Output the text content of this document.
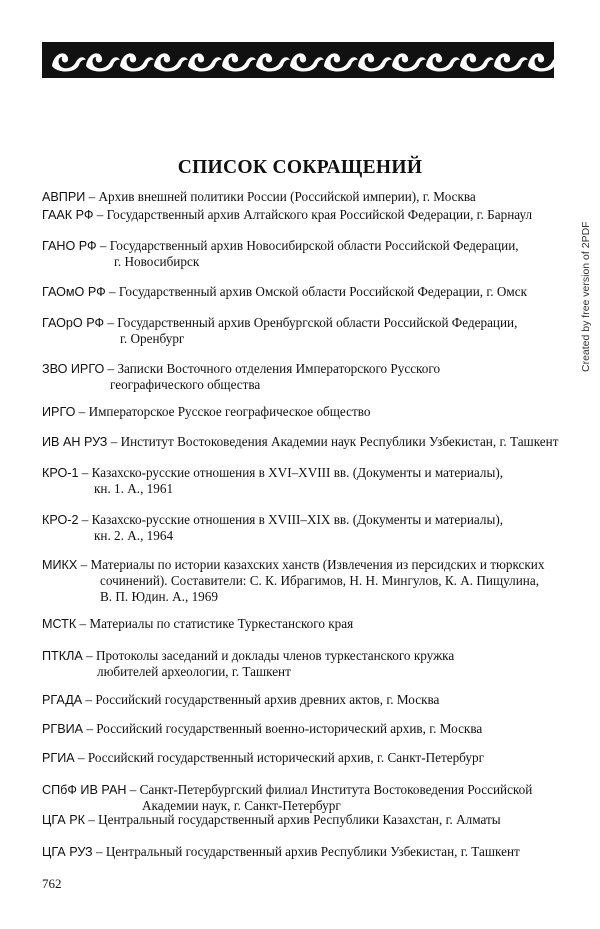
СПИСОК СОКРАЩЕНИЙ
АВПРИ – Архив внешней политики России (Российской империи), г. Москва
ГААК РФ – Государственный архив Алтайского края Российской Федерации, г. Барнаул
ГАНО РФ – Государственный архив Новосибирской области Российской Федерации,
г. Новосибирск
ГАОмО РФ – Государственный архив Омской области Российской Федерации, г. Омск
ГАОрО РФ – Государственный архив Оренбургской области Российской Федерации,
г. Оренбург
ЗВО ИРГО – Записки Восточного отделения Императорского Русского
географического общества
ИРГО – Императорское Русское географическое общество
ИВ АН РУЗ – Институт Востоковедения Академии наук Республики Узбекистан, г. Ташкент
КРО-1 – Казахско-русские отношения в XVI–XVIII вв. (Документы и материалы),
кн. 1. А., 1961
КРО-2 – Казахско-русские отношения в XVIII–XIX вв. (Документы и материалы),
кн. 2. А., 1964
МИКХ – Материалы по истории казахских ханств (Извлечения из персидских и тюркских
сочинений). Составители: С. К. Ибрагимов, Н. Н. Мингулов, К. А. Пищулина,
В. П. Юдин. А., 1969
МСТК – Материалы по статистике Туркестанского края
ПТКЛА – Протоколы заседаний и доклады членов туркестанского кружка
любителей археологии, г. Ташкент
РГАДА – Российский государственный архив древних актов, г. Москва
РГВИА – Российский государственный военно-исторический архив, г. Москва
РГИА – Российский государственный исторический архив, г. Санкт-Петербург
СПбФ ИВ РАН – Санкт-Петербургский филиал Института Востоковедения Российской
Академии наук, г. Санкт-Петербург
ЦГА РК – Центральный государственный архив Республики Казахстан, г. Алматы
ЦГА РУЗ – Центральный государственный архив Республики Узбекистан, г. Ташкент
Created by free version of 2PDF
762
